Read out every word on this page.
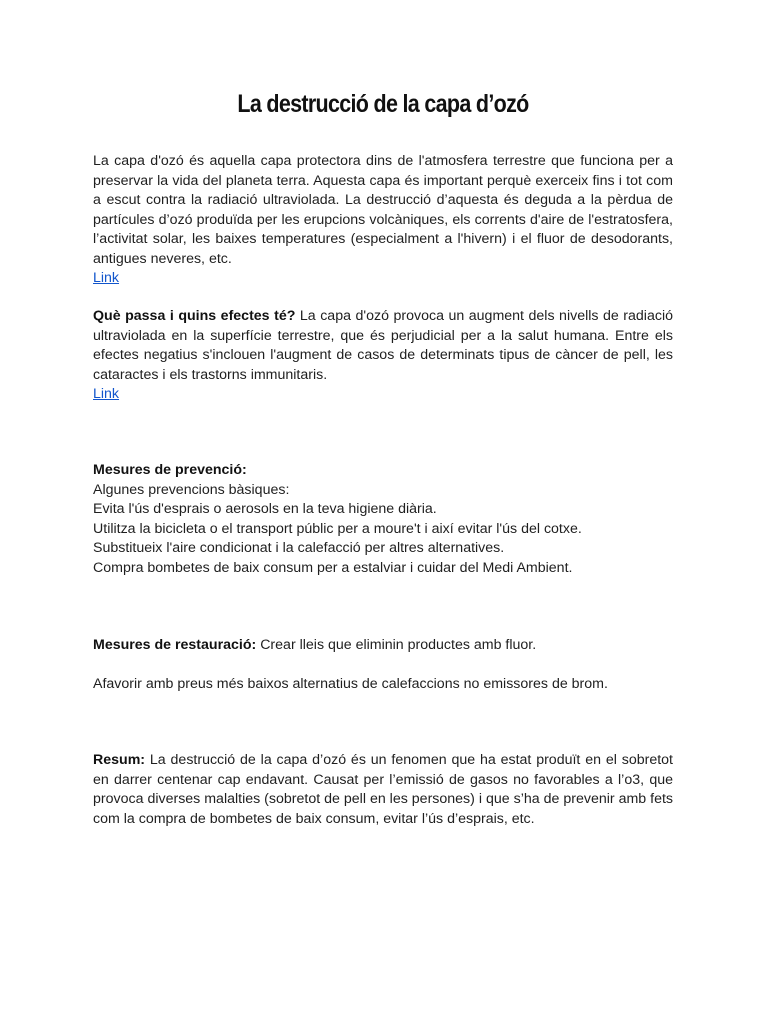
La destrucció de la capa d’ozó
La capa d'ozó és aquella capa protectora dins de l'atmosfera terrestre que funciona per a preservar la vida del planeta terra. Aquesta capa és important perquè exerceix fins i tot com a escut contra la radiació ultraviolada. La destrucció d’aquesta és deguda a la pèrdua de partícules d’ozó produïda per les erupcions volcàniques, els corrents d'aire de l'estratosfera, l’activitat solar, les baixes temperatures (especialment a l'hivern) i el fluor de desodorants, antigues neveres, etc.
Link
Què passa i quins efectes té? La capa d'ozó provoca un augment dels nivells de radiació ultraviolada en la superfície terrestre, que és perjudicial per a la salut humana. Entre els efectes negatius s'inclouen l'augment de casos de determinats tipus de càncer de pell, les cataractes i els trastorns immunitaris.
Link
Mesures de prevenció:
Algunes prevencions bàsiques:
Evita l'ús d'esprais o aerosols en la teva higiene diària.
Utilitza la bicicleta o el transport públic per a moure't i així evitar l'ús del cotxe.
Substitueix l'aire condicionat i la calefacció per altres alternatives.
Compra bombetes de baix consum per a estalviar i cuidar del Medi Ambient.
Mesures de restauració: Crear lleis que eliminin productes amb fluor.
Afavorir amb preus més baixos alternatius de calefaccions no emissores de brom.
Resum: La destrucció de la capa d’ozó és un fenomen que ha estat produït en el sobretot en darrer centenar cap endavant. Causat per l’emissió de gasos no favorables a l’o3, que provoca diverses malalties (sobretot de pell en les persones) i que s’ha de prevenir amb fets com la compra de bombetes de baix consum, evitar l’ús d’esprais, etc.
